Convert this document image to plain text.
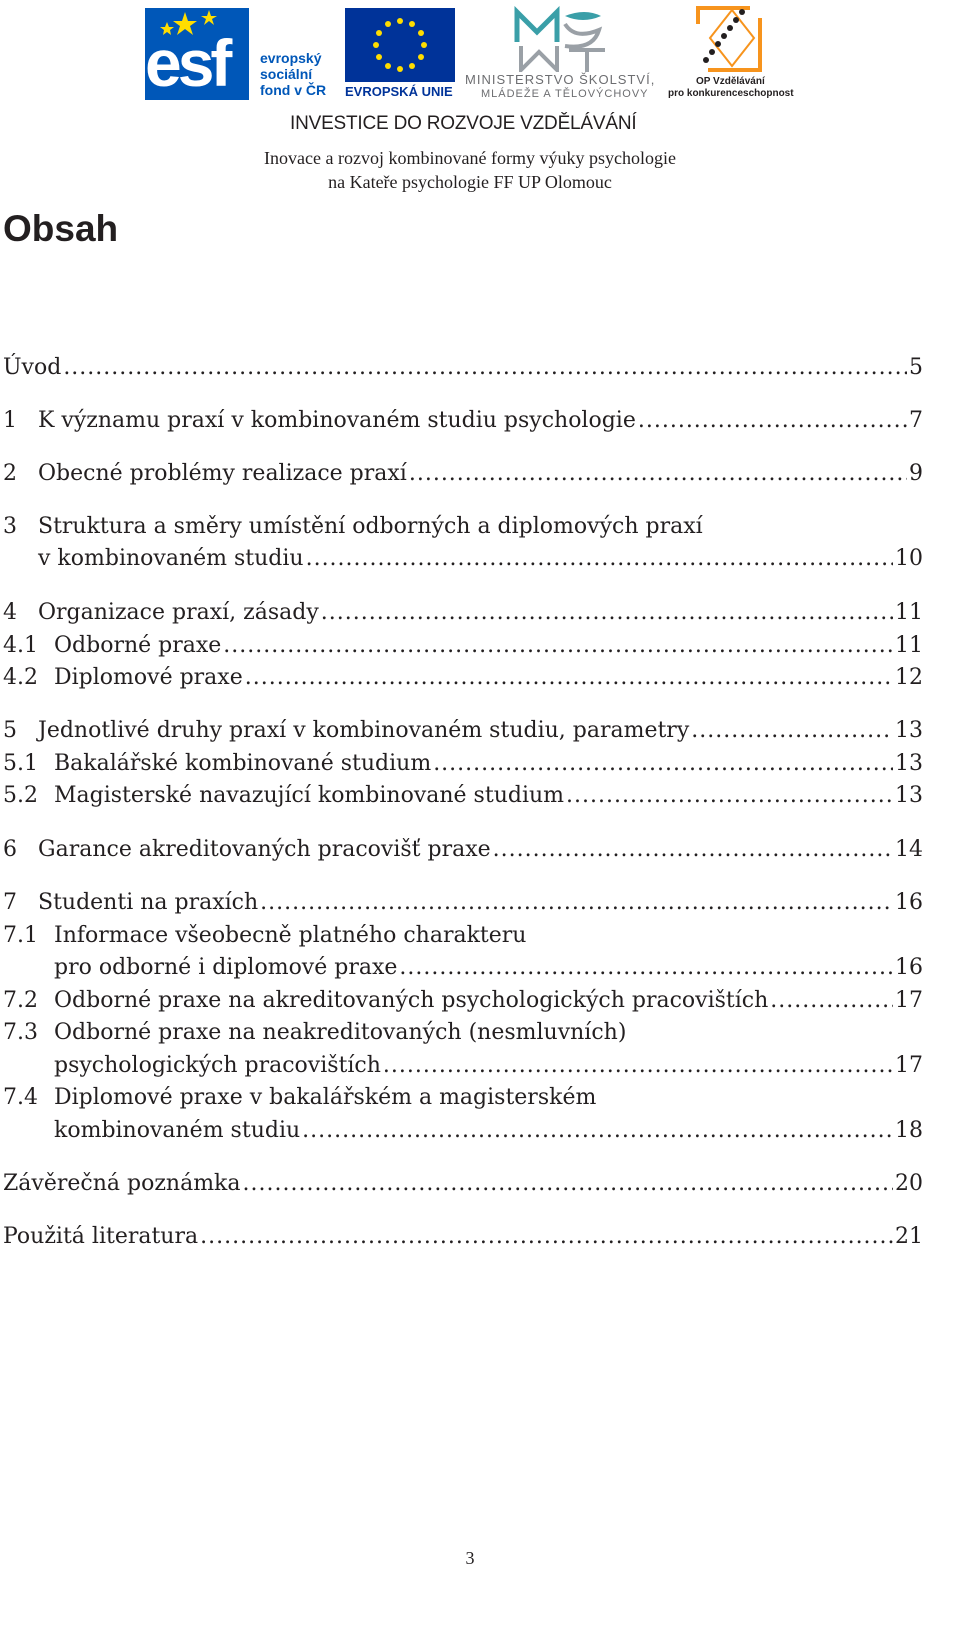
esf	evropský
sociální
fond v ČR EVROPSKÁ UNIE
MINISTERSTVO ŠKOLSTVÍ,
MLÁDEŽE A TĚLOVÝCHOVY
OP Vzdělávání
pro konkurenceschopnost
INVESTICE DO ROZVOJE VZDĚLÁVÁNÍ
Inovace a rozvoj kombinované formy výuky psychologie
na Kateře psychologie FF UP Olomouc
Obsah
Úvod .....	5
1 K významu praxí v kombinovaném studiu psychologie .....	7
2 Obecné problémy realizace praxí .....	9
3 Struktura a směry umístění odborných a diplomových praxí
v kombinovaném studiu .....	10
4 Organizace praxí, zásady .....	11
4.1 Odborné praxe .....	11
4.2 Diplomové praxe .....	12
5 Jednotlivé druhy praxí v kombinovaném studiu, parametry .....	13
5.1 Bakalářské kombinované studium .....	13
5.2 Magisterské navazující kombinované studium .....	13
6 Garance akreditovaných pracovišť praxe .....	14
7 Studenti na praxích .....	16
7.1 Informace všeobecně platného charakteru
pro odborné i diplomové praxe .....	16
7.2 Odborné praxe na akreditovaných psychologických pracovištích .....	17
7.3 Odborné praxe na neakreditovaných (nesmluvních)
psychologických pracovištích .....	17
7.4 Diplomové praxe v bakalářském a magisterském
kombinovaném studiu .....	18
Závěrečná poznámka .....	20
Použitá literatura .....	21
3
